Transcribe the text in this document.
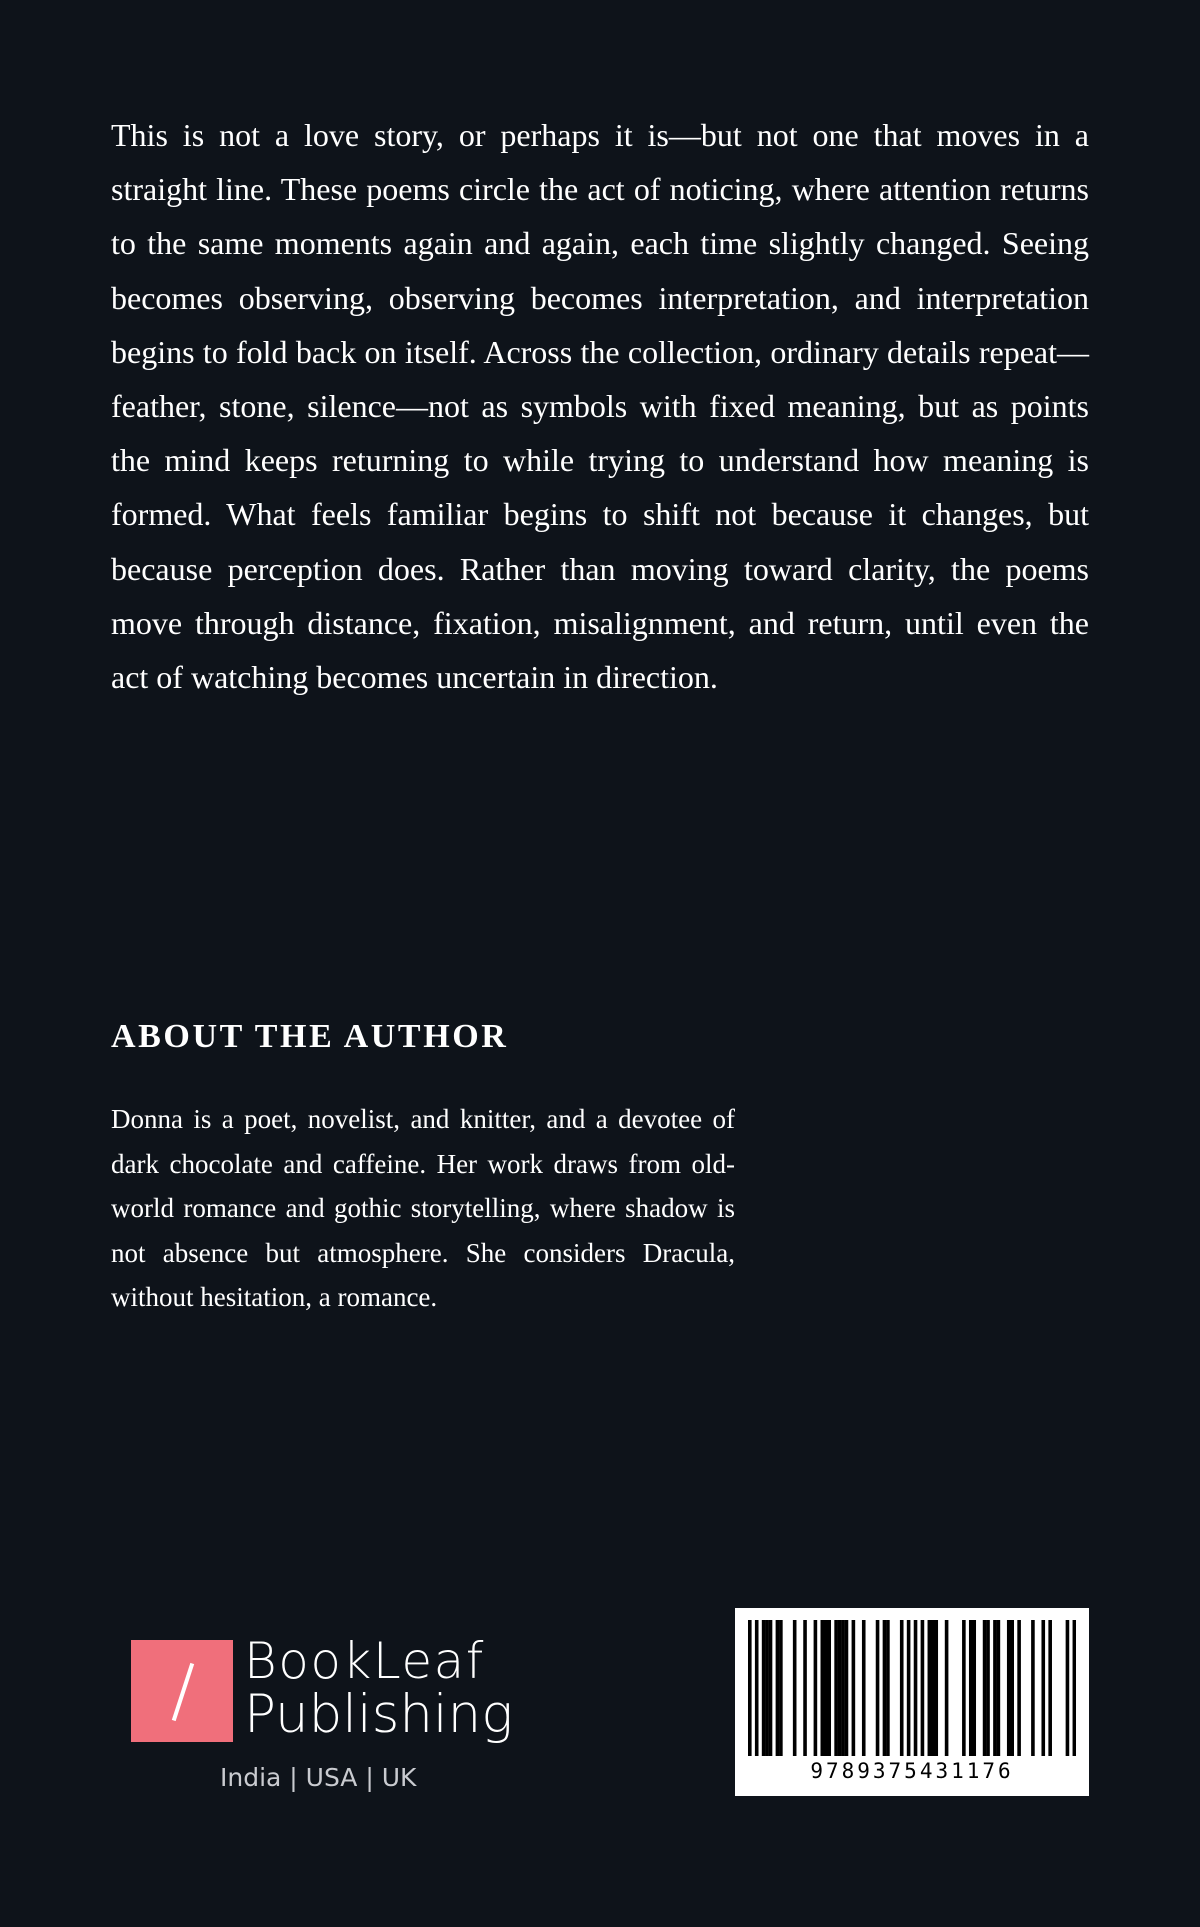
This is not a love story, or perhaps it is—but not one that moves in a straight line. These poems circle the act of noticing, where attention returns to the same moments again and again, each time slightly changed. Seeing becomes observing, observing becomes interpretation, and interpretation begins to fold back on itself. Across the collection, ordinary details repeat—feather, stone, silence—not as symbols with fixed meaning, but as points the mind keeps returning to while trying to understand how meaning is formed. What feels familiar begins to shift not because it changes, but because perception does. Rather than moving toward clarity, the poems move through distance, fixation, misalignment, and return, until even the act of watching becomes uncertain in direction.

ABOUT THE AUTHOR

Donna is a poet, novelist, and knitter, and a devotee of dark chocolate and caffeine. Her work draws from old-world romance and gothic storytelling, where shadow is not absence but atmosphere. She considers Dracula, without hesitation, a romance.

BookLeaf
Publishing
India | USA | UK	9789375431176
